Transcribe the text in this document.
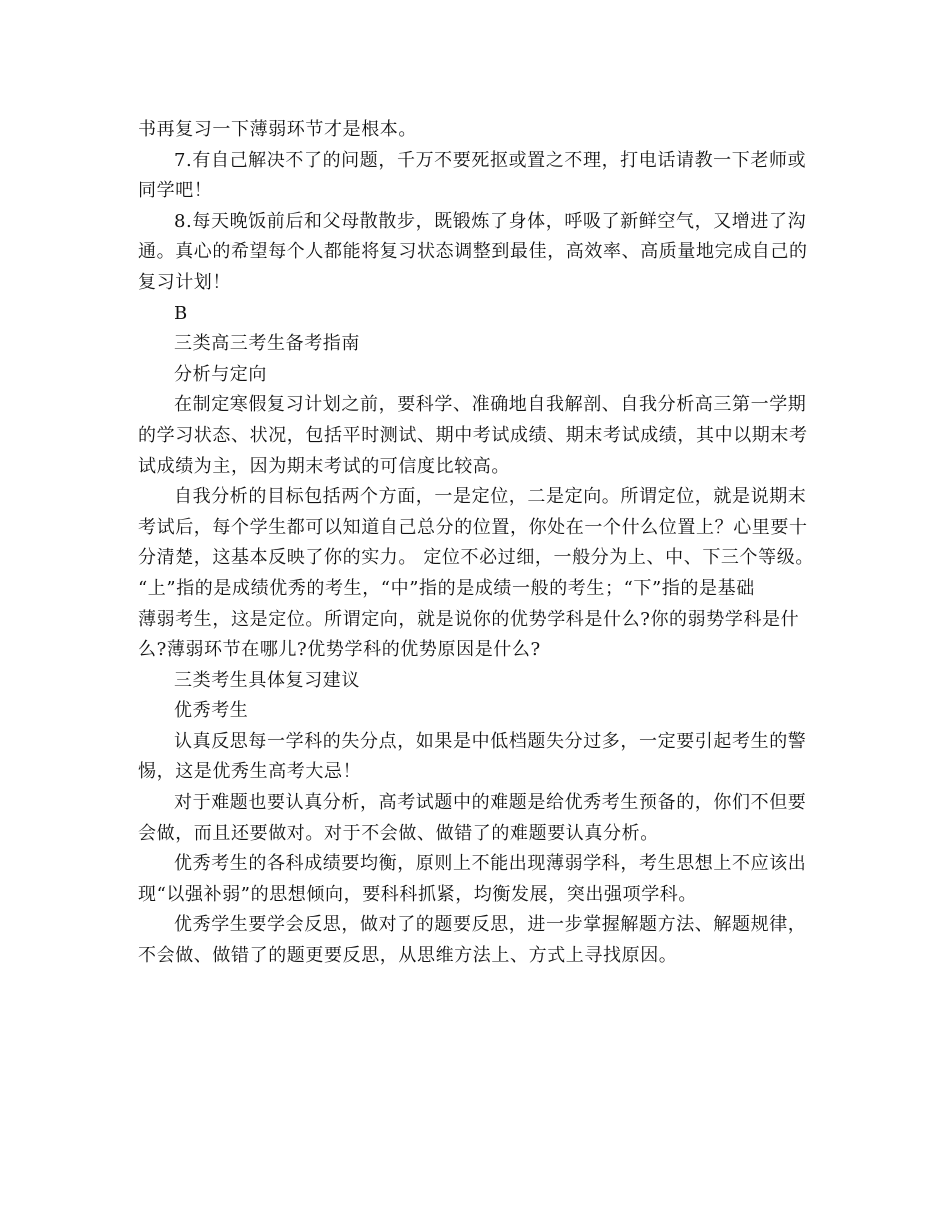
书再复习一下薄弱环节才是根本。
7.有自己解决不了的问题，千万不要死抠或置之不理，打电话请教一下老师或
同学吧！
8.每天晚饭前后和父母散散步，既锻炼了身体，呼吸了新鲜空气，又增进了沟
通。真心的希望每个人都能将复习状态调整到最佳，高效率、高质量地完成自己的
复习计划！
B
三类高三考生备考指南
分析与定向
在制定寒假复习计划之前，要科学、准确地自我解剖、自我分析高三第一学期
的学习状态、状况，包括平时测试、期中考试成绩、期末考试成绩，其中以期末考
试成绩为主，因为期末考试的可信度比较高。
自我分析的目标包括两个方面，一是定位，二是定向。所谓定位，就是说期末
考试后，每个学生都可以知道自己总分的位置，你处在一个什么位置上？心里要十
分清楚，这基本反映了你的实力。 定位不必过细，一般分为上、中、下三个等级。
“上”指的是成绩优秀的考生，“中”指的是成绩一般的考生；“下”指的是基础
薄弱考生，这是定位。所谓定向，就是说你的优势学科是什么?你的弱势学科是什
么?薄弱环节在哪儿?优势学科的优势原因是什么?
三类考生具体复习建议
优秀考生
认真反思每一学科的失分点，如果是中低档题失分过多，一定要引起考生的警
惕，这是优秀生高考大忌！
对于难题也要认真分析，高考试题中的难题是给优秀考生预备的，你们不但要
会做，而且还要做对。对于不会做、做错了的难题要认真分析。
优秀考生的各科成绩要均衡，原则上不能出现薄弱学科，考生思想上不应该出
现“以强补弱”的思想倾向，要科科抓紧，均衡发展，突出强项学科。
优秀学生要学会反思，做对了的题要反思，进一步掌握解题方法、解题规律，
不会做、做错了的题更要反思，从思维方法上、方式上寻找原因。
